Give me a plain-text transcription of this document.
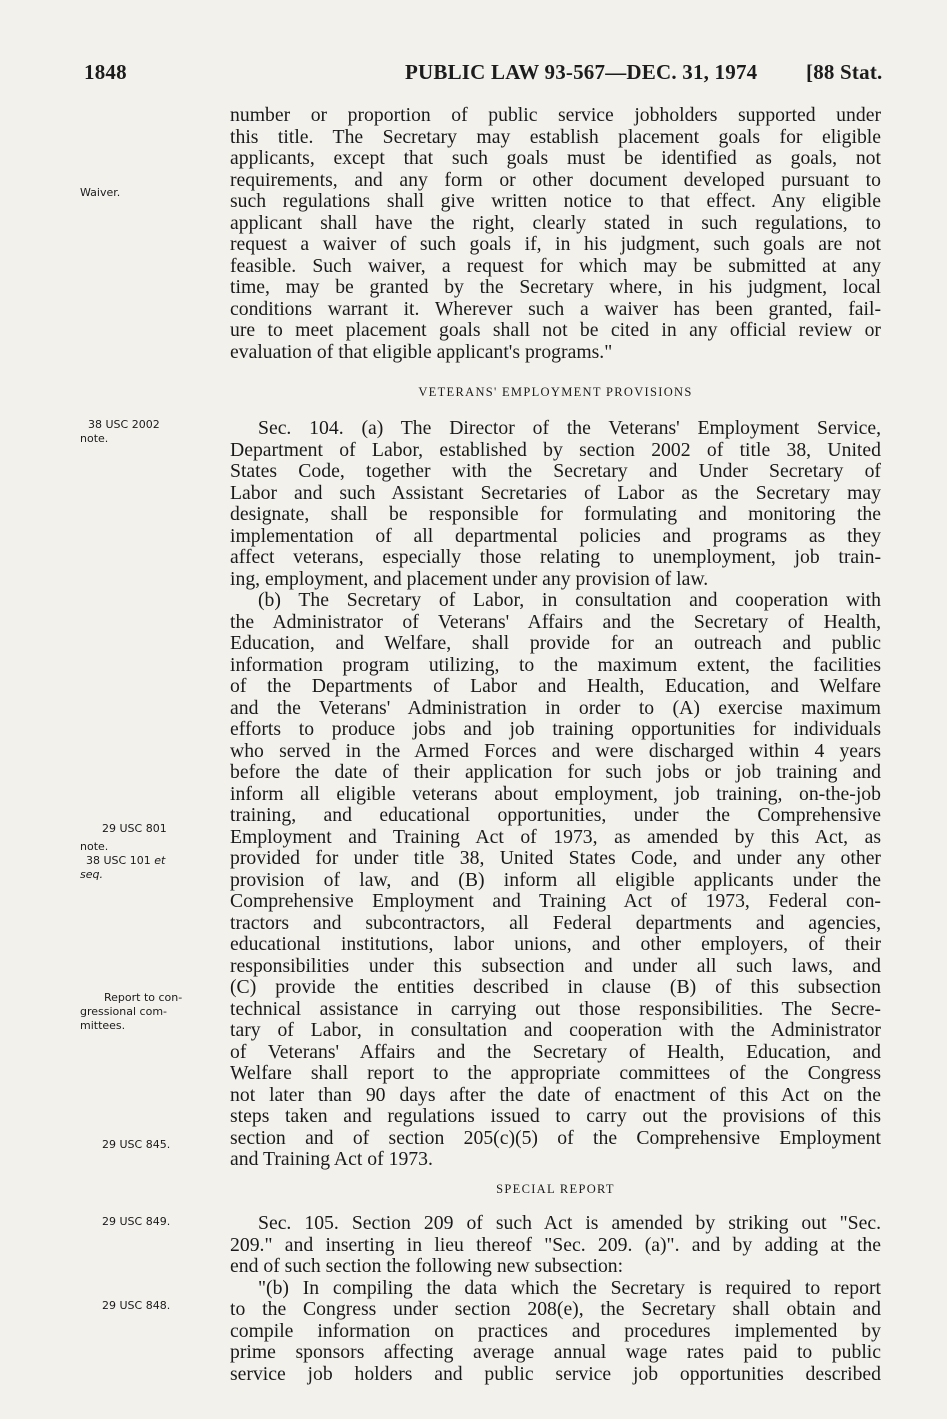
1848	PUBLIC LAW 93-567—DEC. 31, 1974 [88 Stat.
Waiver.
38 USC 2002
note.
29 USC 801
note.
38 USC 101 et
seq.
Report to con-
gressional com-
mittees.
29 USC 845.
29 USC 849.
29 USC 848.
number or proportion of public service jobholders supported under
this title. The Secretary may establish placement goals for eligible
applicants, except that such goals must be identified as goals, not
requirements, and any form or other document developed pursuant to
such regulations shall give written notice to that effect. Any eligible
applicant shall have the right, clearly stated in such regulations, to
request a waiver of such goals if, in his judgment, such goals are not
feasible. Such waiver, a request for which may be submitted at any
time, may be granted by the Secretary where, in his judgment, local
conditions warrant it. Wherever such a waiver has been granted, fail-
ure to meet placement goals shall not be cited in any official review or
evaluation of that eligible applicant's programs."
VETERANS' EMPLOYMENT PROVISIONS
Sec. 104. (a) The Director of the Veterans' Employment Service,
Department of Labor, established by section 2002 of title 38, United
States Code, together with the Secretary and Under Secretary of
Labor and such Assistant Secretaries of Labor as the Secretary may
designate, shall be responsible for formulating and monitoring the
implementation of all departmental policies and programs as they
affect veterans, especially those relating to unemployment, job train-
ing, employment, and placement under any provision of law.
(b) The Secretary of Labor, in consultation and cooperation with
the Administrator of Veterans' Affairs and the Secretary of Health,
Education, and Welfare, shall provide for an outreach and public
information program utilizing, to the maximum extent, the facilities
of the Departments of Labor and Health, Education, and Welfare
and the Veterans' Administration in order to (A) exercise maximum
efforts to produce jobs and job training opportunities for individuals
who served in the Armed Forces and were discharged within 4 years
before the date of their application for such jobs or job training and
inform all eligible veterans about employment, job training, on-the-job
training, and educational opportunities, under the Comprehensive
Employment and Training Act of 1973, as amended by this Act, as
provided for under title 38, United States Code, and under any other
provision of law, and (B) inform all eligible applicants under the
Comprehensive Employment and Training Act of 1973, Federal con-
tractors and subcontractors, all Federal departments and agencies,
educational institutions, labor unions, and other employers, of their
responsibilities under this subsection and under all such laws, and
(C) provide the entities described in clause (B) of this subsection
technical assistance in carrying out those responsibilities. The Secre-
tary of Labor, in consultation and cooperation with the Administrator
of Veterans' Affairs and the Secretary of Health, Education, and
Welfare shall report to the appropriate committees of the Congress
not later than 90 days after the date of enactment of this Act on the
steps taken and regulations issued to carry out the provisions of this
section and of section 205(c)(5) of the Comprehensive Employment
and Training Act of 1973.
SPECIAL REPORT
Sec. 105. Section 209 of such Act is amended by striking out "Sec.
209." and inserting in lieu thereof "Sec. 209. (a)". and by adding at the
end of such section the following new subsection:
"(b) In compiling the data which the Secretary is required to report
to the Congress under section 208(e), the Secretary shall obtain and
compile information on practices and procedures implemented by
prime sponsors affecting average annual wage rates paid to public
service job holders and public service job opportunities described
